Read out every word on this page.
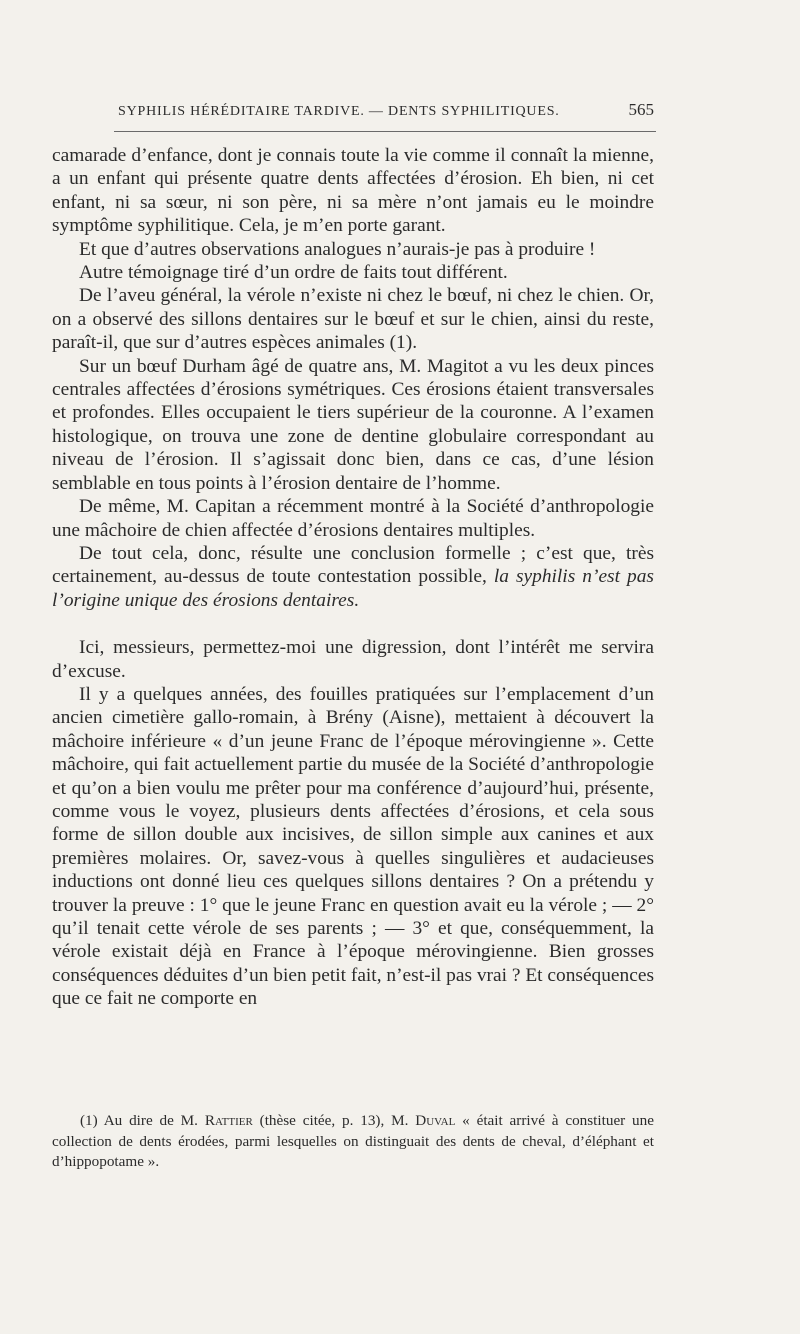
SYPHILIS HÉRÉDITAIRE TARDIVE. — DENTS SYPHILITIQUES.	565

camarade d’enfance, dont je connais toute la vie comme il connaît la mienne, a un enfant qui présente quatre dents affectées d’érosion. Eh bien, ni cet enfant, ni sa sœur, ni son père, ni sa mère n’ont jamais eu le moindre symptôme syphilitique. Cela, je m’en porte garant.

Et que d’autres observations analogues n’aurais-je pas à produire !

Autre témoignage tiré d’un ordre de faits tout différent.

De l’aveu général, la vérole n’existe ni chez le bœuf, ni chez le chien. Or, on a observé des sillons dentaires sur le bœuf et sur le chien, ainsi du reste, paraît-il, que sur d’autres espèces animales (1).

Sur un bœuf Durham âgé de quatre ans, M. Magitot a vu les deux pinces centrales affectées d’érosions symétriques. Ces érosions étaient transversales et profondes. Elles occupaient le tiers supérieur de la couronne. A l’examen histologique, on trouva une zone de dentine globulaire correspondant au niveau de l’érosion. Il s’agissait donc bien, dans ce cas, d’une lésion semblable en tous points à l’érosion dentaire de l’homme.

De même, M. Capitan a récemment montré à la Société d’anthropologie une mâchoire de chien affectée d’érosions dentaires multiples.

De tout cela, donc, résulte une conclusion formelle ; c’est que, très certainement, au-dessus de toute contestation possible, la syphilis n’est pas l’origine unique des érosions dentaires.

Ici, messieurs, permettez-moi une digression, dont l’intérêt me servira d’excuse.

Il y a quelques années, des fouilles pratiquées sur l’emplacement d’un ancien cimetière gallo-romain, à Brény (Aisne), mettaient à découvert la mâchoire inférieure « d’un jeune Franc de l’époque mérovingienne ». Cette mâchoire, qui fait actuellement partie du musée de la Société d’anthropologie et qu’on a bien voulu me prêter pour ma conférence d’aujourd’hui, présente, comme vous le voyez, plusieurs dents affectées d’érosions, et cela sous forme de sillon double aux incisives, de sillon simple aux canines et aux premières molaires. Or, savez-vous à quelles singulières et audacieuses inductions ont donné lieu ces quelques sillons dentaires ? On a prétendu y trouver la preuve : 1° que le jeune Franc en question avait eu la vérole ; — 2° qu’il tenait cette vérole de ses parents ; — 3° et que, conséquemment, la vérole existait déjà en France à l’époque mérovingienne. Bien grosses conséquences déduites d’un bien petit fait, n’est-il pas vrai ? Et conséquences que ce fait ne comporte en

(1) Au dire de M. Rattier (thèse citée, p. 13), M. Duval « était arrivé à constituer une collection de dents érodées, parmi lesquelles on distinguait des dents de cheval, d’éléphant et d’hippopotame ».
